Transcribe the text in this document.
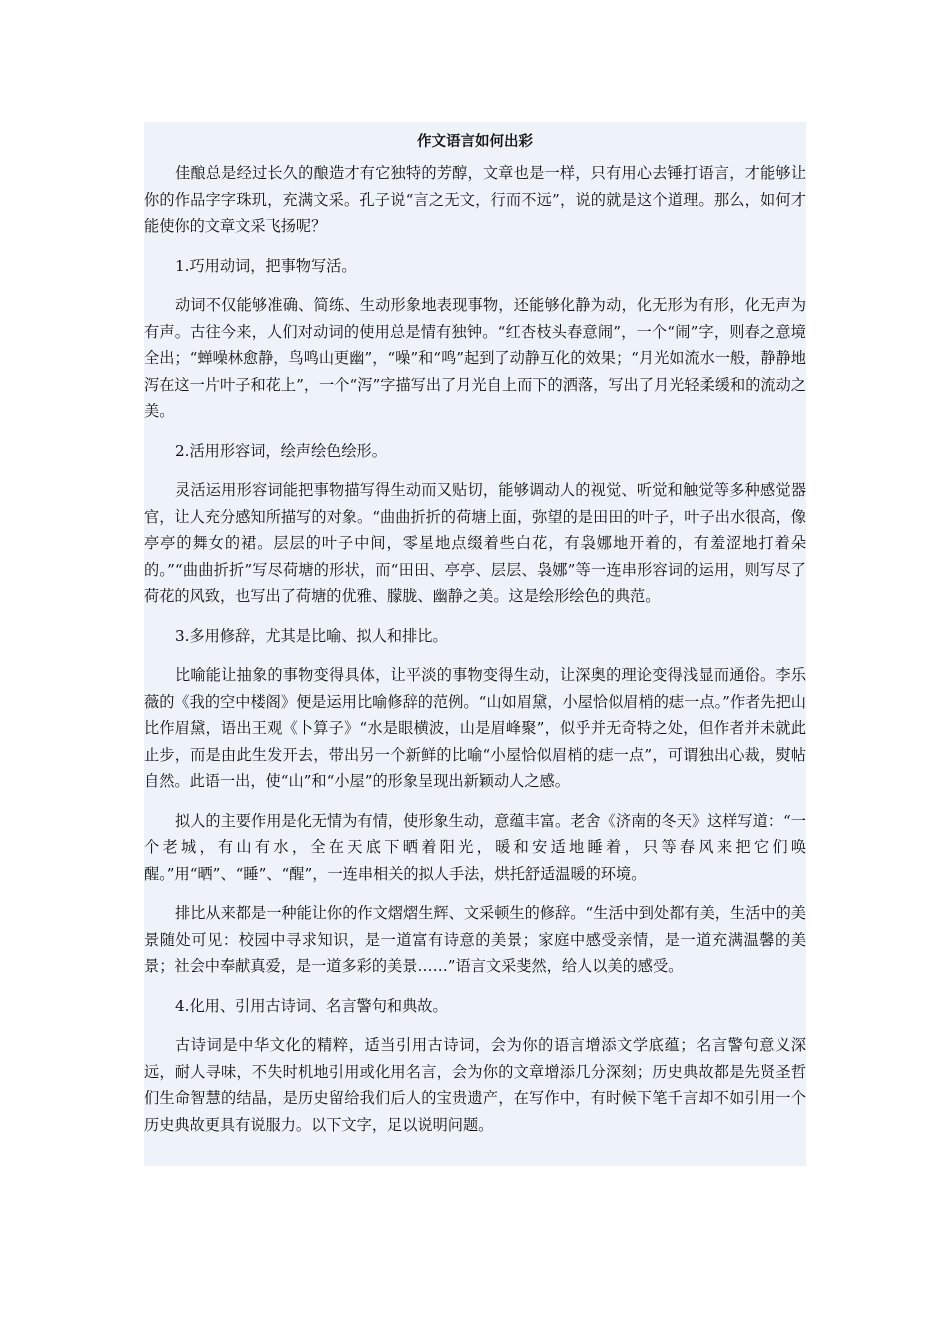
作文语言如何出彩

佳酿总是经过长久的酿造才有它独特的芳醇，文章也是一样，只有用心去锤打语言，才能够让你的作品字字珠玑，充满文采。孔子说“言之无文，行而不远”，说的就是这个道理。那么，如何才能使你的文章文采飞扬呢？

1.巧用动词，把事物写活。

动词不仅能够准确、简练、生动形象地表现事物，还能够化静为动，化无形为有形，化无声为有声。古往今来，人们对动词的使用总是情有独钟。“红杏枝头春意闹”，一个“闹”字，则春之意境全出；“蝉噪林愈静，鸟鸣山更幽”，“噪”和“鸣”起到了动静互化的效果；“月光如流水一般，静静地泻在这一片叶子和花上”，一个“泻”字描写出了月光自上而下的洒落，写出了月光轻柔缓和的流动之美。

2.活用形容词，绘声绘色绘形。

灵活运用形容词能把事物描写得生动而又贴切，能够调动人的视觉、听觉和触觉等多种感觉器官，让人充分感知所描写的对象。“曲曲折折的荷塘上面，弥望的是田田的叶子，叶子出水很高，像亭亭的舞女的裙。层层的叶子中间，零星地点缀着些白花，有袅娜地开着的，有羞涩地打着朵的。”“曲曲折折”写尽荷塘的形状，而“田田、亭亭、层层、袅娜”等一连串形容词的运用，则写尽了荷花的风致，也写出了荷塘的优雅、朦胧、幽静之美。这是绘形绘色的典范。

3.多用修辞，尤其是比喻、拟人和排比。

比喻能让抽象的事物变得具体，让平淡的事物变得生动，让深奥的理论变得浅显而通俗。李乐薇的《我的空中楼阁》便是运用比喻修辞的范例。“山如眉黛，小屋恰似眉梢的痣一点。”作者先把山比作眉黛，语出王观《卜算子》“水是眼横波，山是眉峰聚”，似乎并无奇特之处，但作者并未就此止步，而是由此生发开去，带出另一个新鲜的比喻“小屋恰似眉梢的痣一点”，可谓独出心裁，熨帖自然。此语一出，使“山”和“小屋”的形象呈现出新颖动人之感。

拟人的主要作用是化无情为有情，使形象生动，意蕴丰富。老舍《济南的冬天》这样写道：“一个老城，有山有水，全在天底下晒着阳光，暖和安适地睡着，只等春风来把它们唤醒。”用“晒”、“睡”、“醒”，一连串相关的拟人手法，烘托舒适温暖的环境。

排比从来都是一种能让你的作文熠熠生辉、文采顿生的修辞。“生活中到处都有美，生活中的美景随处可见：校园中寻求知识，是一道富有诗意的美景；家庭中感受亲情，是一道充满温馨的美景；社会中奉献真爱，是一道多彩的美景……”语言文采斐然，给人以美的感受。

4.化用、引用古诗词、名言警句和典故。

古诗词是中华文化的精粹，适当引用古诗词，会为你的语言增添文学底蕴；名言警句意义深远，耐人寻味，不失时机地引用或化用名言，会为你的文章增添几分深刻；历史典故都是先贤圣哲们生命智慧的结晶，是历史留给我们后人的宝贵遗产，在写作中，有时候下笔千言却不如引用一个历史典故更具有说服力。以下文字，足以说明问题。
